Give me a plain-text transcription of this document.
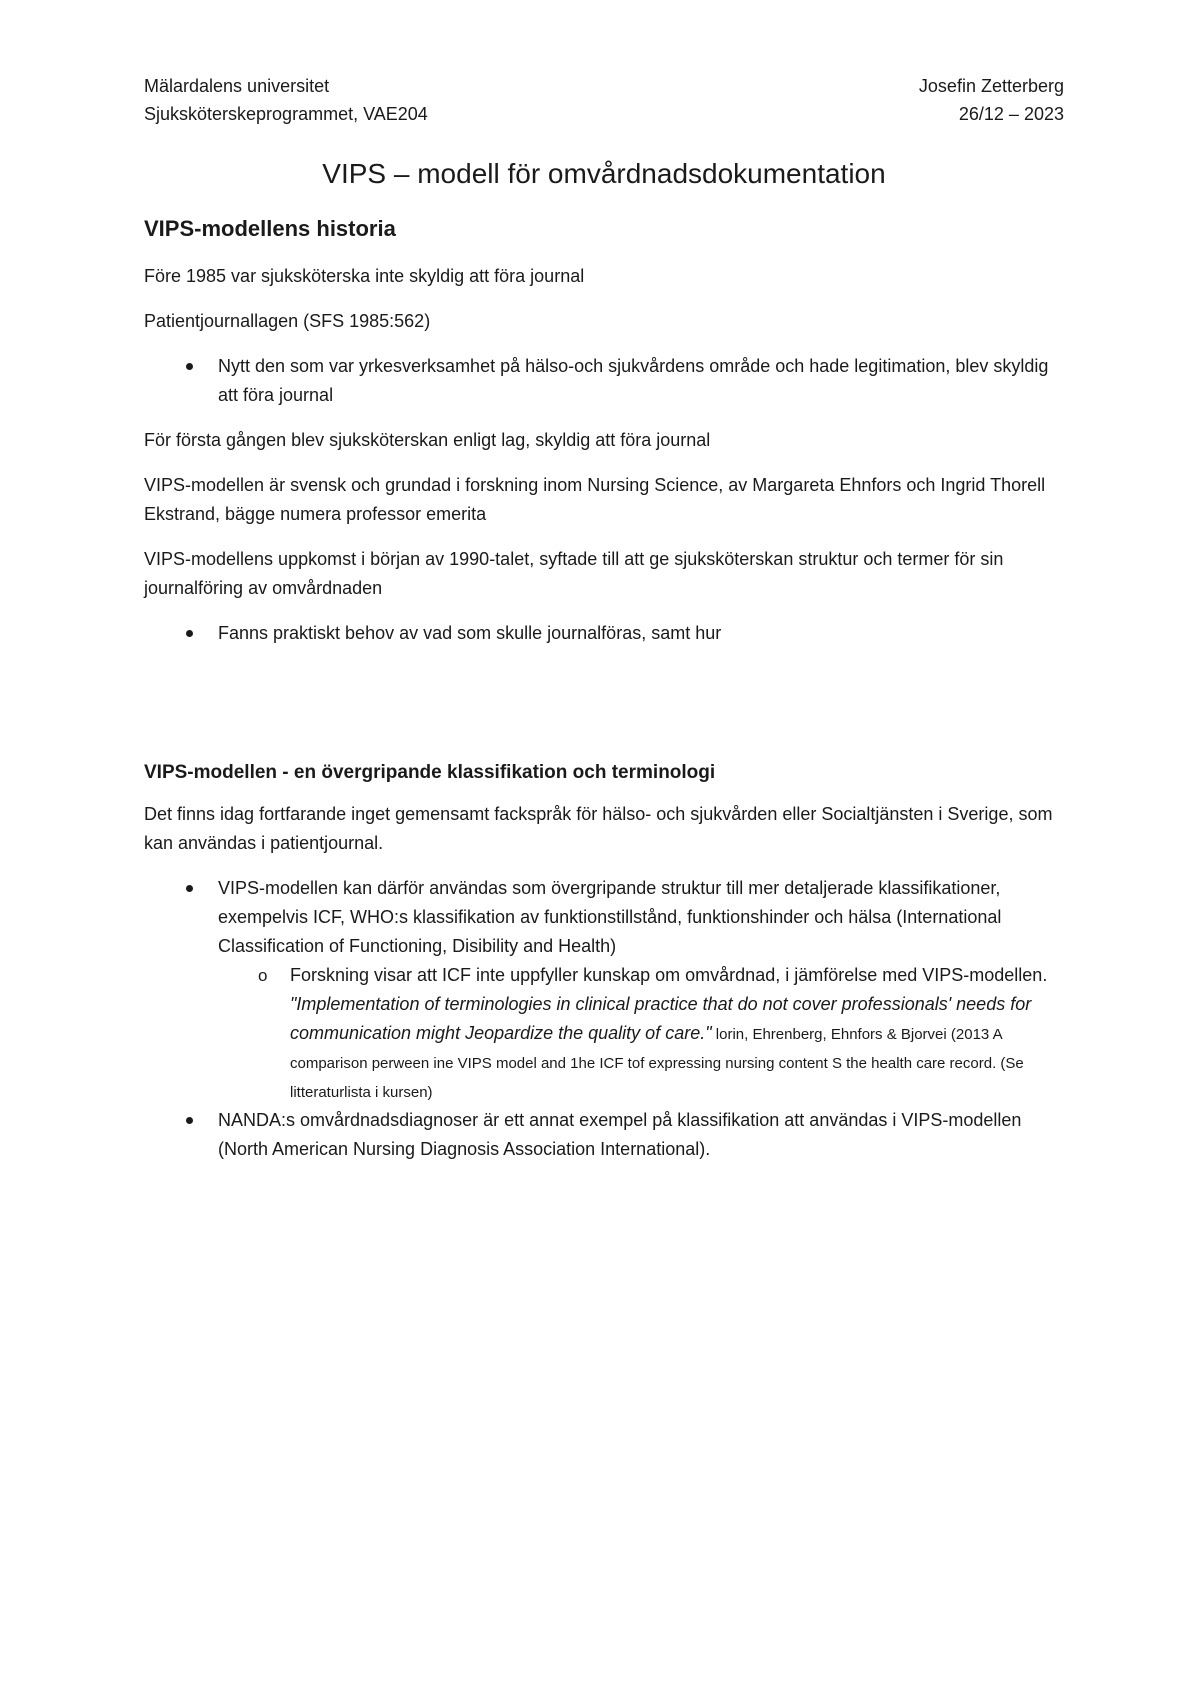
Mälardalens universitet
Sjuksköterskeprogrammet, VAE204
Josefin Zetterberg
26/12 – 2023
VIPS – modell för omvårdnadsdokumentation
VIPS-modellens historia

Före 1985 var sjuksköterska inte skyldig att föra journal

Patientjournallagen (SFS 1985:562)

Nytt den som var yrkesverksamhet på hälso-och sjukvårdens område och hade legitimation, blev skyldig att föra journal

För första gången blev sjuksköterskan enligt lag, skyldig att föra journal

VIPS-modellen är svensk och grundad i forskning inom Nursing Science, av Margareta Ehnfors och Ingrid Thorell Ekstrand, bägge numera professor emerita

VIPS-modellens uppkomst i början av 1990-talet, syftade till att ge sjuksköterskan struktur och termer för sin journalföring av omvårdnaden

Fanns praktiskt behov av vad som skulle journalföras, samt hur
VIPS-modellen - en övergripande klassifikation och terminologi

Det finns idag fortfarande inget gemensamt fackspråk för hälso- och sjukvården eller Socialtjänsten i Sverige, som kan användas i patientjournal.

VIPS-modellen kan därför användas som övergripande struktur till mer detaljerade klassifikationer, exempelvis ICF, WHO:s klassifikation av funktionstillstånd, funktionshinder och hälsa (International Classification of Functioning, Disibility and Health)
o Forskning visar att ICF inte uppfyller kunskap om omvårdnad, i jämförelse med VIPS-modellen. "Implementation of terminologies in clinical practice that do not cover professionals' needs for communication might Jeopardize the quality of care." lorin, Ehrenberg, Ehnfors & Bjorvei (2013 A comparison perween ine VIPS model and 1he ICF tof expressing nursing content S the health care record. (Se litteraturlista i kursen)
NANDA:s omvårdnadsdiagnoser är ett annat exempel på klassifikation att användas i VIPS-modellen (North American Nursing Diagnosis Association International).
